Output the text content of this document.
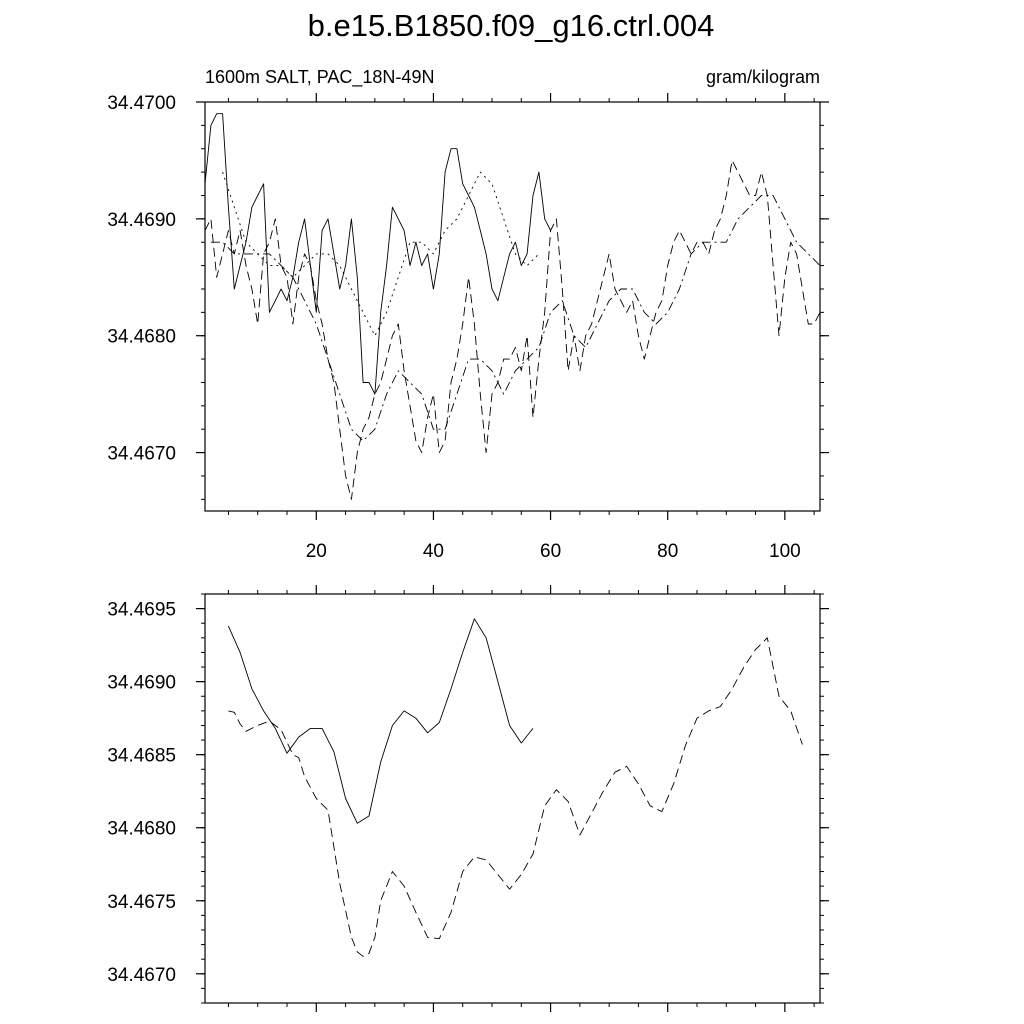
b.e15.B1850.f09_g16.ctrl.004
1600m SALT, PAC_18N-49N	gram/kilogram
34.4670
34.4680
34.4690
34.4700
20	40	60	80	100
34.4670
34.4675
34.4680
34.4685
34.4690
34.4695
